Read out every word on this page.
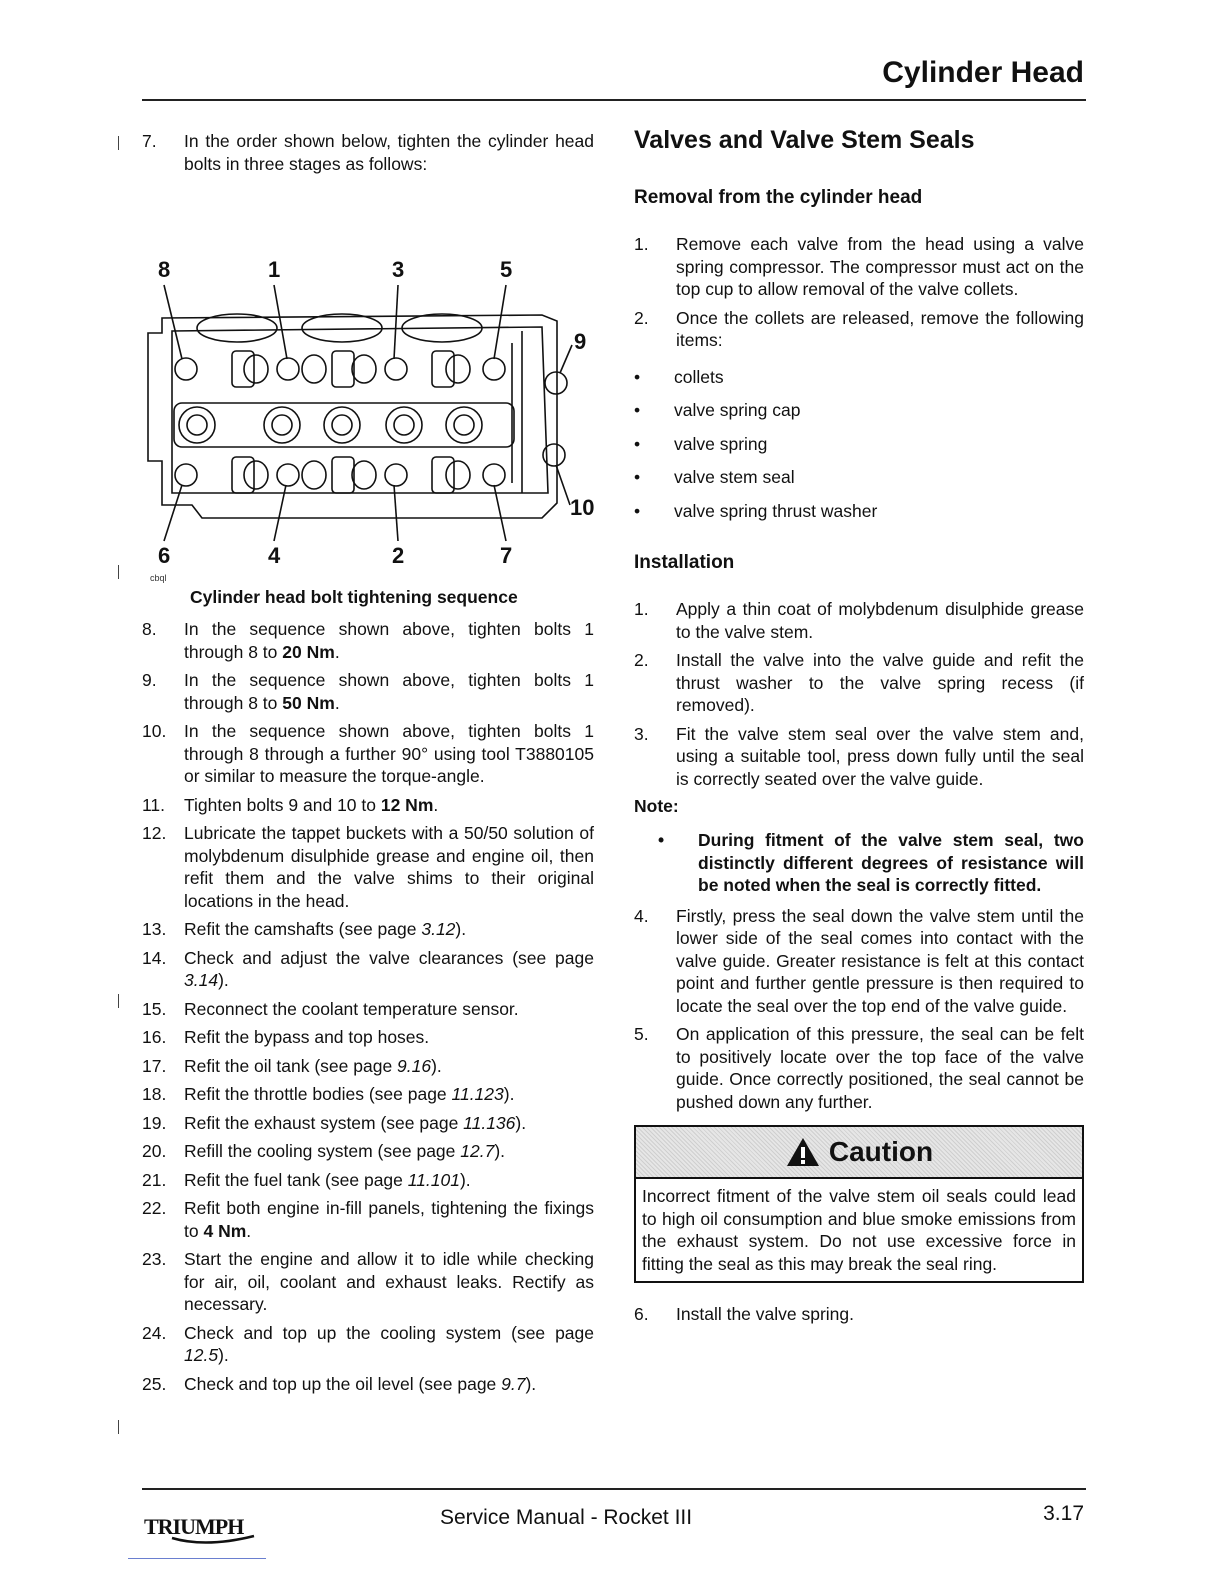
Cylinder Head
7. In the order shown below, tighten the cylinder head bolts in three stages as follows:
8	1	3	5
9
10
6	4	2	7
cbql
Cylinder head bolt tightening sequence
8. In the sequence shown above, tighten bolts 1 through 8 to 20 Nm.
9. In the sequence shown above, tighten bolts 1 through 8 to 50 Nm.
10. In the sequence shown above, tighten bolts 1 through 8 through a further 90° using tool T3880105 or similar to measure the torque-angle.
11. Tighten bolts 9 and 10 to 12 Nm.
12. Lubricate the tappet buckets with a 50/50 solution of molybdenum disulphide grease and engine oil, then refit them and the valve shims to their original locations in the head.
13. Refit the camshafts (see page 3.12).
14. Check and adjust the valve clearances (see page 3.14).
15. Reconnect the coolant temperature sensor.
16. Refit the bypass and top hoses.
17. Refit the oil tank (see page 9.16).
18. Refit the throttle bodies (see page 11.123).
19. Refit the exhaust system (see page 11.136).
20. Refill the cooling system (see page 12.7).
21. Refit the fuel tank (see page 11.101).
22. Refit both engine in-fill panels, tightening the fixings to 4 Nm.
23. Start the engine and allow it to idle while checking for air, oil, coolant and exhaust leaks. Rectify as necessary.
24. Check and top up the cooling system (see page 12.5).
25. Check and top up the oil level (see page 9.7).
Valves and Valve Stem Seals
Removal from the cylinder head
1. Remove each valve from the head using a valve spring compressor. The compressor must act on the top cup to allow removal of the valve collets.
2. Once the collets are released, remove the following items:
• collets
• valve spring cap
• valve spring
• valve stem seal
• valve spring thrust washer
Installation
1. Apply a thin coat of molybdenum disulphide grease to the valve stem.
2. Install the valve into the valve guide and refit the thrust washer to the valve spring recess (if removed).
3. Fit the valve stem seal over the valve stem and, using a suitable tool, press down fully until the seal is correctly seated over the valve guide.
Note:
• During fitment of the valve stem seal, two distinctly different degrees of resistance will be noted when the seal is correctly fitted.
4. Firstly, press the seal down the valve stem until the lower side of the seal comes into contact with the valve guide. Greater resistance is felt at this contact point and further gentle pressure is then required to locate the seal over the top end of the valve guide.
5. On application of this pressure, the seal can be felt to positively locate over the top face of the valve guide. Once correctly positioned, the seal cannot be pushed down any further.
Caution
Incorrect fitment of the valve stem oil seals could lead to high oil consumption and blue smoke emissions from the exhaust system. Do not use excessive force in fitting the seal as this may break the seal ring.
6. Install the valve spring.
TRIUMPH	Service Manual - Rocket III	3.17
